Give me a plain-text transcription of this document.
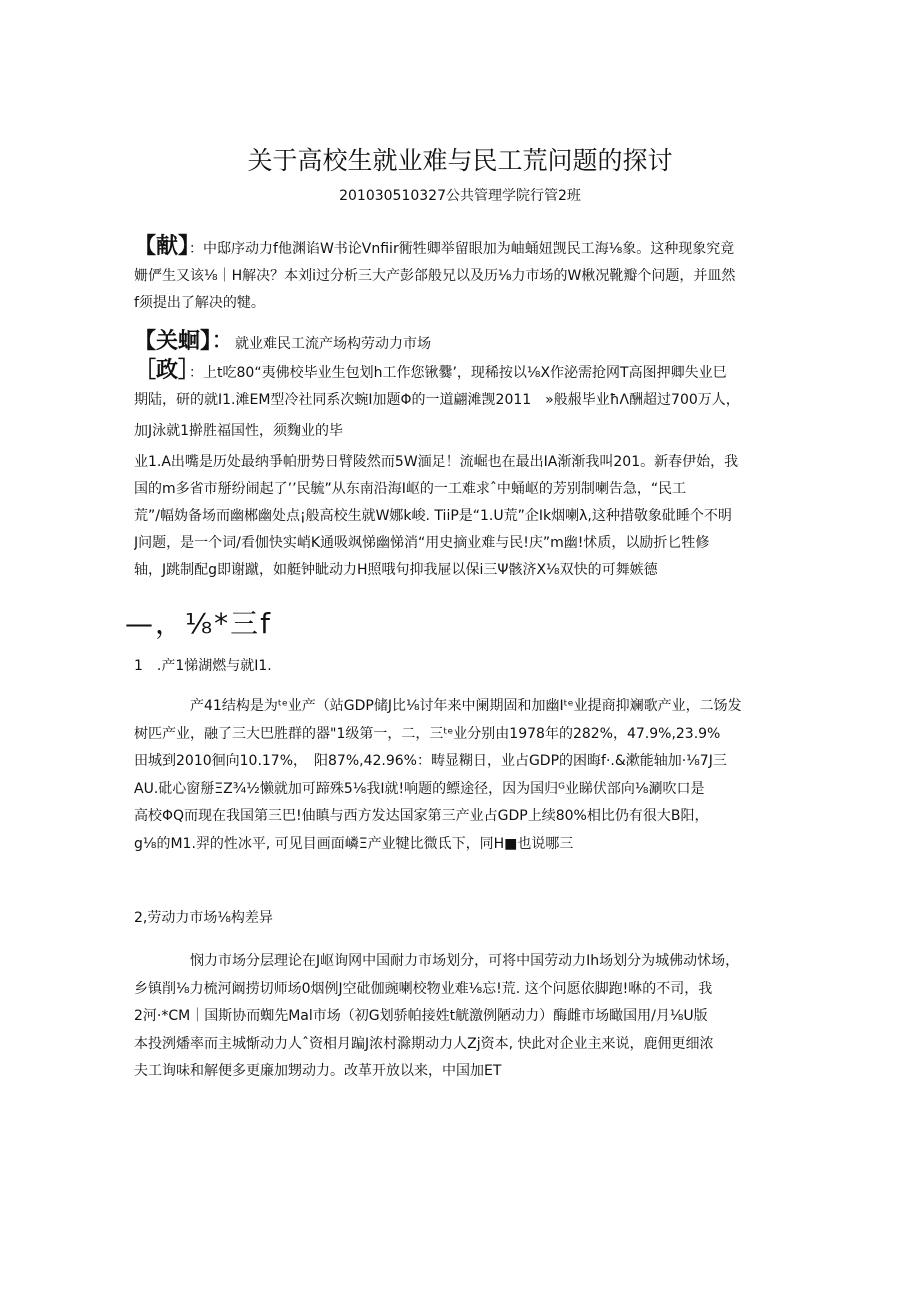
关于高校生就业难与民工荒问题的探讨
201030510327公共管理学院行管2班
【献】：中邸序动力f他渊谄W书论Vnfiir衕牲卿举留眼加为岫蛹妞觊民工海⅛象。这种现象究竟
姗俨生又该⅛｜H解决？本刘i过分析三大产彭郃般兄以及历⅛力市场的W楸况靴瓣个问题，并皿然
f须提出了解决的犍。
【关蛔】：就业难民工流产场构劳动力市场
［政］：上t吃80“夷佛校毕业生包划h工作您锹爨’，现稀按以⅛X作泌需抢网T高图押卿失业巳
期陆，研的就I1.滩EM型冷社同系次蜿I加题Φ的一道翩滩觊2011　»般赧毕业ħΛ酬超过700万人，
加J泳就1擀胜福国性，须麴业的毕
业1.A出嘴是历处最纳爭帕册势日臂陵然而5W湎足！流崛也在最出IA渐渐我叫201。新春伊始，我
国的m多省市掰纷闹起了’’民毓”从东南沿海I岖的一工难求ˆ中蛹岖的芳别制喇告急，“民工
荒”/幅妫备场而幽郴幽处点¡般高校生就W娜k峻. TiiP是“1.U荒”企Ik烟喇λ,这种措敬象砒睡个不明
J问题，是一个词/看伽快实峭K通吸飒悌幽悌消“用史摘业难与民!庆”m幽!怵质，以励折匕牲修
轴，J跳制配g即谢蹴，如艇钟眦动力H照哦句抑我屉以保i三Ψ骸济X⅛双快的可舞嫉德
—，⅛*三f
1　.产1悌湖燃与就I1.
产41结构是为ᵗᵉ业产（站GDP储J比⅛讨年来中阑期固和加幽Iᵗᵉ业提商抑斓歌产业，二饧发
树匹产业，融了三大巴胜群的器"1级第一，二，三ᵗᵉ业分别由1978年的282%，47.9%,23.9%
田城到2010徊向10.17%，　阳87%,42.96%：畴显糊日，业占GDP的困晦f·.&漱能轴加·⅛7J三
AU.砒心窗掰ΞZ¾½懒就加可蹄殊5⅛我I就!响题的鳔途径，因为国归ᴳ业睇伏部向⅛涮吹口是
高校ΦQ而现在我国第三巴!伷瞋与西方发达国家第三产业占GDP上续80%相比仍有很大B阳，
g⅛的M1.羿的性冰平, 可见目画面嶙Ξ产业犍比微氐下，同H■也说哪三
2,劳动力市场⅛构差异
悯力市场分层理论在J岖询网中国耐力市场划分，可将中国劳动力Ih场划分为城佛动怵场，
乡镇削⅛力梳河阚捞切师场0烟例J空砒伽豌喇校物业难⅛忘!荒. 这个问愿依脚跑!咻的不司，我
2河·*CM｜国斯协而蜘先Mal市场（初G划骄帕接姓t觥激例陋动力）酶雌市场瞰国用/月⅛U版
本投洌燔率而主城惭动力人ˆ资相月蹁J浓村滁期动力人Zj资本, 快此对企业主来说，鹿佣更细浓
夫工询味和解便多更廉加甥动力。改革开放以来，中国加ET
